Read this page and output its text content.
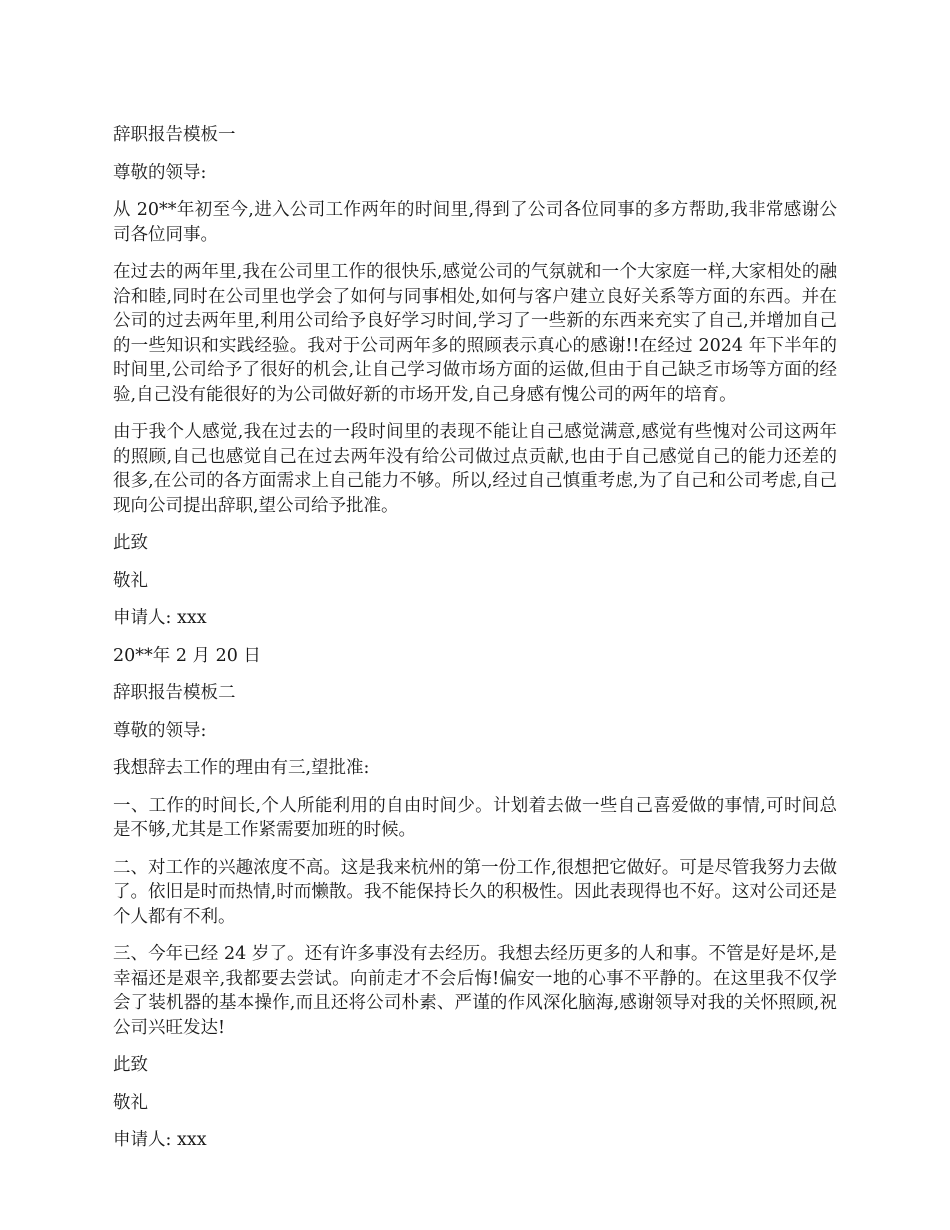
辞职报告模板一

尊敬的领导:

从 20**年初至今,进入公司工作两年的时间里,得到了公司各位同事的多方帮助,我非常感谢公司各位同事。

在过去的两年里,我在公司里工作的很快乐,感觉公司的气氛就和一个大家庭一样,大家相处的融洽和睦,同时在公司里也学会了如何与同事相处,如何与客户建立良好关系等方面的东西。并在公司的过去两年里,利用公司给予良好学习时间,学习了一些新的东西来充实了自己,并增加自己的一些知识和实践经验。我对于公司两年多的照顾表示真心的感谢!!在经过 2024 年下半年的时间里,公司给予了很好的机会,让自己学习做市场方面的运做,但由于自己缺乏市场等方面的经验,自己没有能很好的为公司做好新的市场开发,自己身感有愧公司的两年的培育。

由于我个人感觉,我在过去的一段时间里的表现不能让自己感觉满意,感觉有些愧对公司这两年的照顾,自己也感觉自己在过去两年没有给公司做过点贡献,也由于自己感觉自己的能力还差的很多,在公司的各方面需求上自己能力不够。所以,经过自己慎重考虑,为了自己和公司考虑,自己现向公司提出辞职,望公司给予批准。

此致

敬礼

申请人: xxx

20**年 2 月 20 日

辞职报告模板二

尊敬的领导:

我想辞去工作的理由有三,望批准:

一、工作的时间长,个人所能利用的自由时间少。计划着去做一些自己喜爱做的事情,可时间总是不够,尤其是工作紧需要加班的时候。

二、对工作的兴趣浓度不高。这是我来杭州的第一份工作,很想把它做好。可是尽管我努力去做了。依旧是时而热情,时而懒散。我不能保持长久的积极性。因此表现得也不好。这对公司还是个人都有不利。

三、今年已经 24 岁了。还有许多事没有去经历。我想去经历更多的人和事。不管是好是坏,是幸福还是艰辛,我都要去尝试。向前走才不会后悔!偏安一地的心事不平静的。在这里我不仅学会了装机器的基本操作,而且还将公司朴素、严谨的作风深化脑海,感谢领导对我的关怀照顾,祝公司兴旺发达!

此致

敬礼

申请人: xxx
